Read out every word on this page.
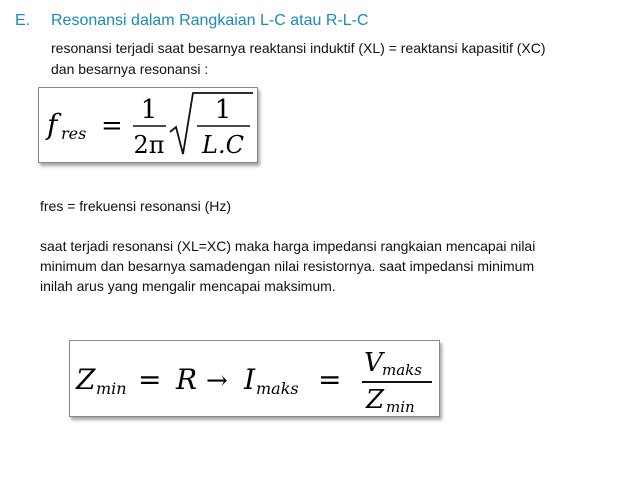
E. Resonansi dalam Rangkaian L-C atau R-L-C
resonansi terjadi saat besarnya reaktansi induktif (XL) = reaktansi kapasitif (XC)
dan besarnya resonansi :
f res =
1
2π
1
L.C
fres = frekuensi resonansi (Hz)
saat terjadi resonansi (XL=XC) maka harga impedansi rangkaian mencapai nilai
minimum dan besarnya samadengan nilai resistornya. saat impedansi minimum
inilah arus yang mengalir mencapai maksimum.
Z min = R → I maks = V maks
Z min
